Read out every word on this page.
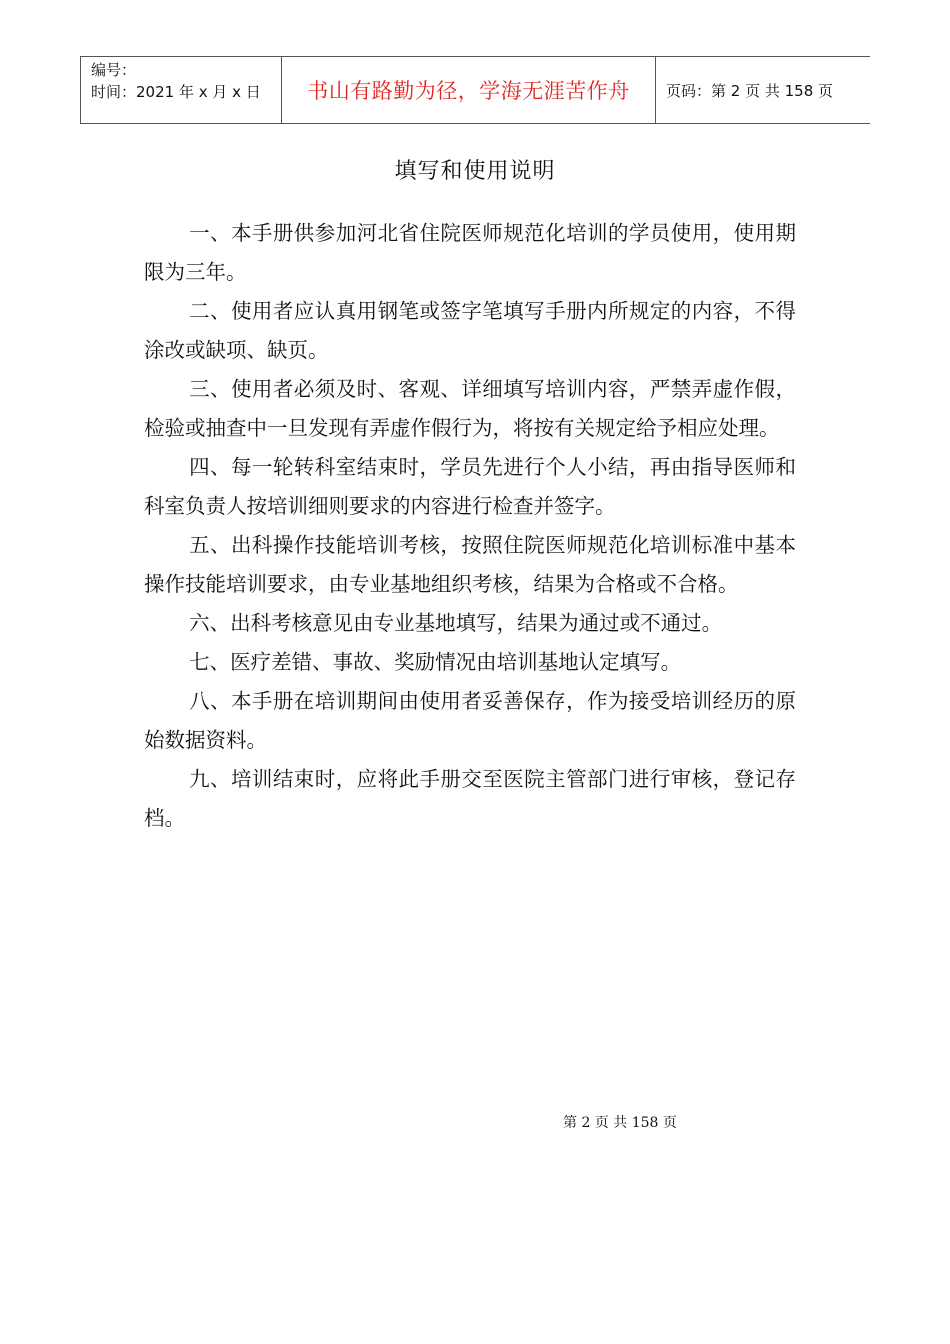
编号：
时间：2021 年 x 月 x 日	书山有路勤为径，学海无涯苦作舟 页码：第 2 页 共 158 页
填写和使用说明

一、本手册供参加河北省住院医师规范化培训的学员使用，使用期限为三年。

二、使用者应认真用钢笔或签字笔填写手册内所规定的内容，不得涂改或缺项、缺页。

三、使用者必须及时、客观、详细填写培训内容，严禁弄虚作假，检验或抽查中一旦发现有弄虚作假行为，将按有关规定给予相应处理。

四、每一轮转科室结束时，学员先进行个人小结，再由指导医师和科室负责人按培训细则要求的内容进行检查并签字。

五、出科操作技能培训考核，按照住院医师规范化培训标准中基本操作技能培训要求，由专业基地组织考核，结果为合格或不合格。

六、出科考核意见由专业基地填写，结果为通过或不通过。

七、医疗差错、事故、奖励情况由培训基地认定填写。

八、本手册在培训期间由使用者妥善保存，作为接受培训经历的原始数据资料。

九、培训结束时，应将此手册交至医院主管部门进行审核，登记存档。

第 2 页 共 158 页
